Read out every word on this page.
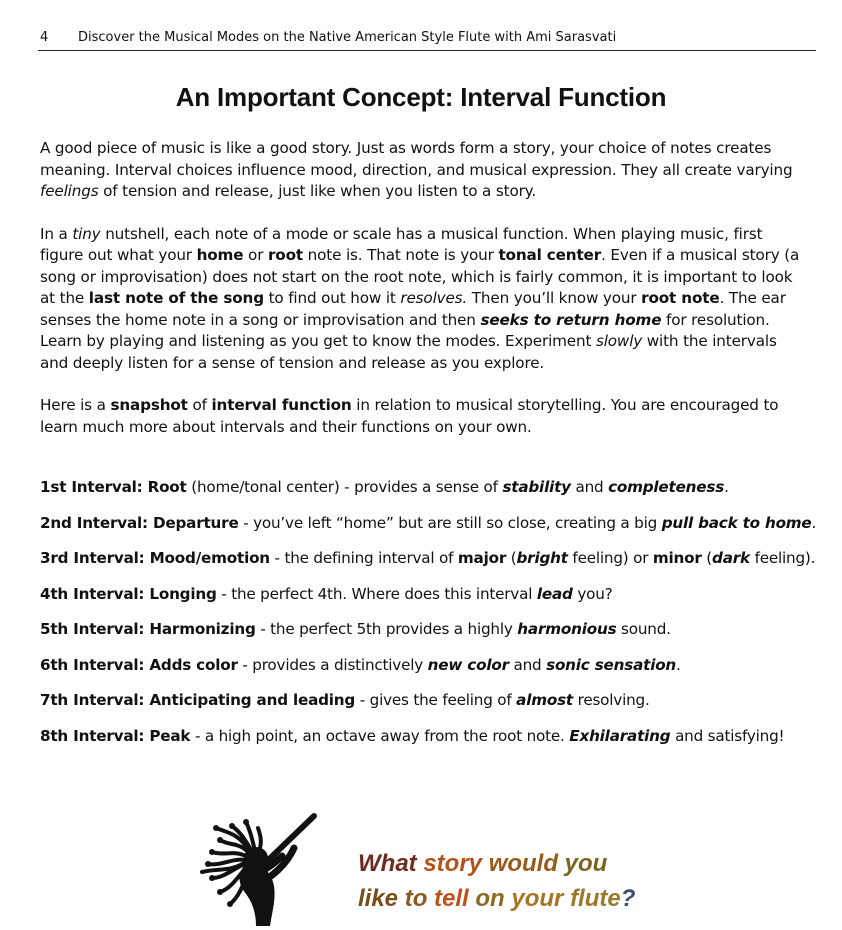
4 Discover the Musical Modes on the Native American Style Flute with Ami Sarasvati
An Important Concept: Interval Function

A good piece of music is like a good story. Just as words form a story, your choice of notes creates meaning. Interval choices influence mood, direction, and musical expression. They all create varying feelings of tension and release, just like when you listen to a story.

In a tiny nutshell, each note of a mode or scale has a musical function. When playing music, first figure out what your home or root note is. That note is your tonal center. Even if a musical story (a song or improvisation) does not start on the root note, which is fairly common, it is important to look at the last note of the song to find out how it resolves. Then you’ll know your root note. The ear senses the home note in a song or improvisation and then seeks to return home for resolution. Learn by playing and listening as you get to know the modes. Experiment slowly with the intervals and deeply listen for a sense of tension and release as you explore.

Here is a snapshot of interval function in relation to musical storytelling. You are encouraged to learn much more about intervals and their functions on your own.

1st Interval: Root (home/tonal center) - provides a sense of stability and completeness.
2nd Interval: Departure - you’ve left “home” but are still so close, creating a big pull back to home.
3rd Interval: Mood/emotion - the defining interval of major (bright feeling) or minor (dark feeling).
4th Interval: Longing - the perfect 4th. Where does this interval lead you?
5th Interval: Harmonizing - the perfect 5th provides a highly harmonious sound.
6th Interval: Adds color - provides a distinctively new color and sonic sensation.
7th Interval: Anticipating and leading - gives the feeling of almost resolving.
8th Interval: Peak - a high point, an octave away from the root note. Exhilarating and satisfying!
What story would you
like to tell on your flute?
